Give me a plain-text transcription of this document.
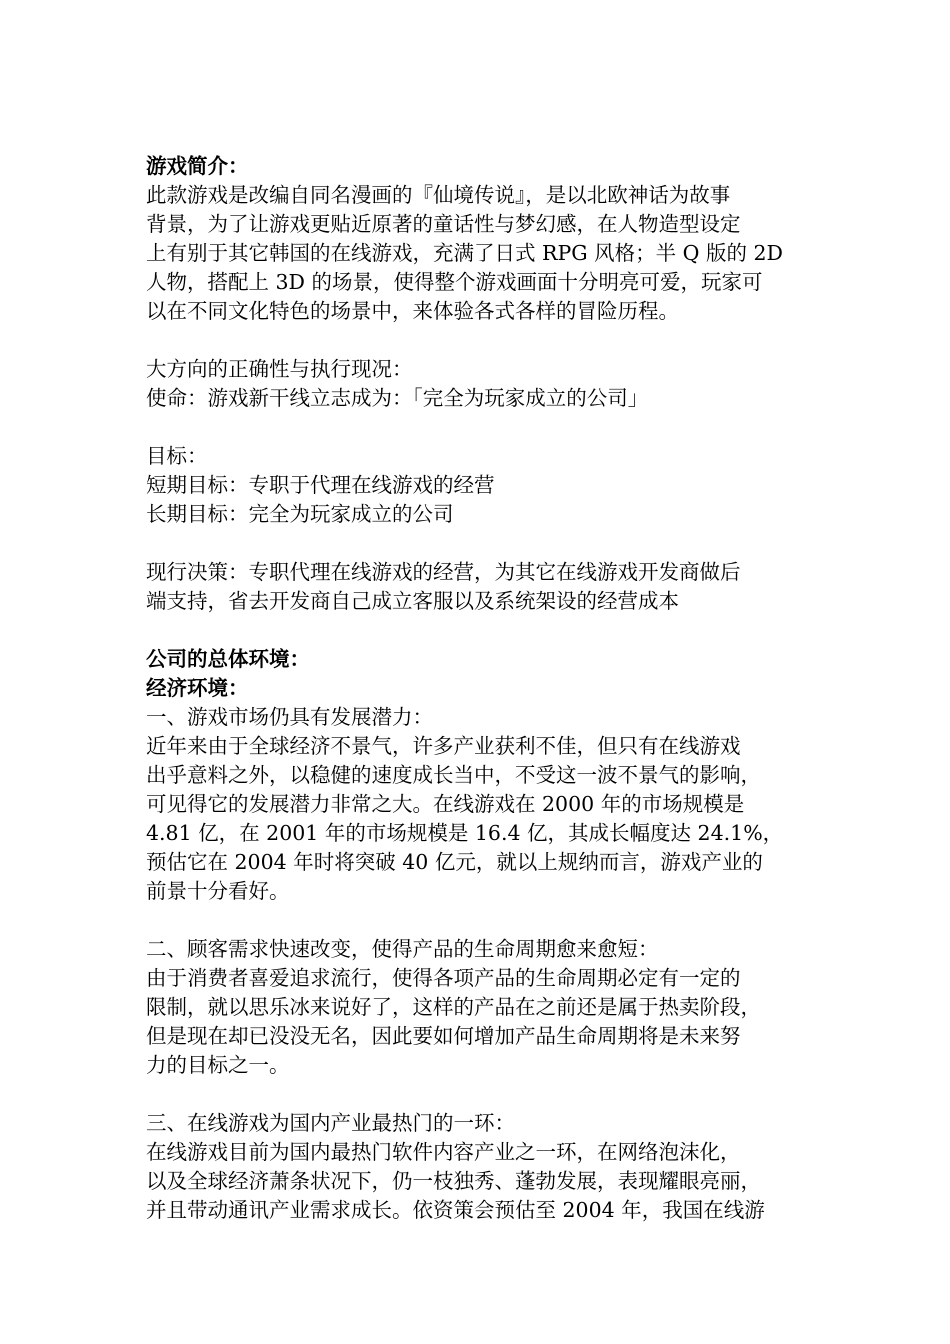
游戏简介：
此款游戏是改编自同名漫画的『仙境传说』，是以北欧神话为故事
背景，为了让游戏更贴近原著的童话性与梦幻感，在人物造型设定
上有别于其它韩国的在线游戏，充满了日式 RPG 风格；半 Q 版的 2D
人物，搭配上 3D 的场景，使得整个游戏画面十分明亮可爱，玩家可
以在不同文化特色的场景中，来体验各式各样的冒险历程。
大方向的正确性与执行现况：
使命：游戏新干线立志成为：「完全为玩家成立的公司」
目标：
短期目标：专职于代理在线游戏的经营
长期目标：完全为玩家成立的公司
现行决策：专职代理在线游戏的经营，为其它在线游戏开发商做后
端支持，省去开发商自己成立客服以及系统架设的经营成本
公司的总体环境：
经济环境：
一、游戏市场仍具有发展潜力：
近年来由于全球经济不景气，许多产业获利不佳，但只有在线游戏
出乎意料之外，以稳健的速度成长当中，不受这一波不景气的影响，
可见得它的发展潜力非常之大。在线游戏在 2000 年的市场规模是
4.81 亿，在 2001 年的市场规模是 16.4 亿，其成长幅度达 24.1%，
预估它在 2004 年时将突破 40 亿元，就以上规纳而言，游戏产业的
前景十分看好。
二、顾客需求快速改变，使得产品的生命周期愈来愈短：
由于消费者喜爱追求流行，使得各项产品的生命周期必定有一定的
限制，就以思乐冰来说好了，这样的产品在之前还是属于热卖阶段，
但是现在却已没没无名，因此要如何增加产品生命周期将是未来努
力的目标之一。
三、在线游戏为国内产业最热门的一环：
在线游戏目前为国内最热门软件内容产业之一环，在网络泡沫化，
以及全球经济萧条状况下，仍一枝独秀、蓬勃发展，表现耀眼亮丽，
并且带动通讯产业需求成长。依资策会预估至 2004 年，我国在线游
